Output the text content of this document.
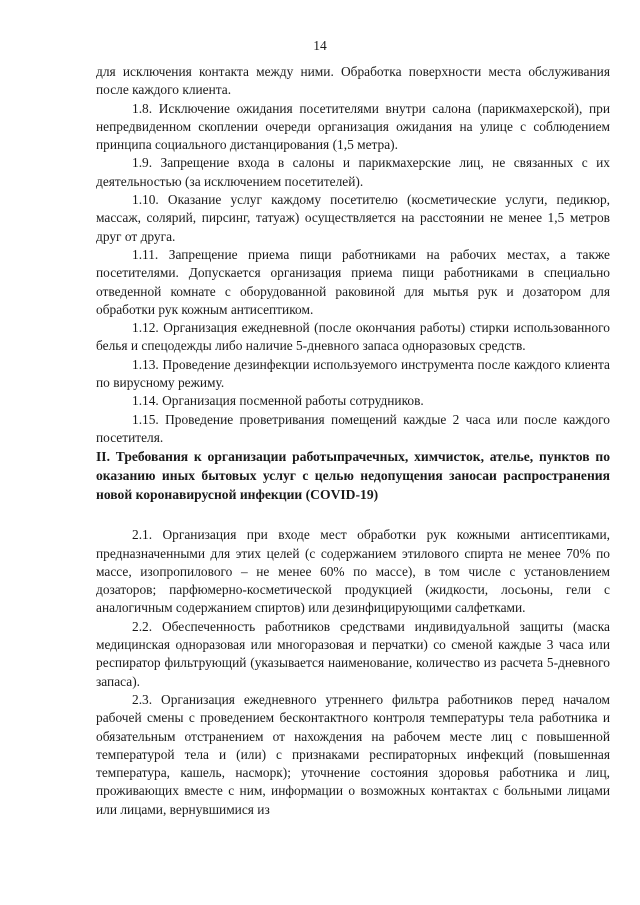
14

для исключения контакта между ними. Обработка поверхности места обслуживания после каждого клиента.

1.8. Исключение ожидания посетителями внутри салона (парикмахерской), при непредвиденном скоплении очереди организация ожидания на улице с соблюдением принципа социального дистанцирования (1,5 метра).

1.9. Запрещение входа в салоны и парикмахерские лиц, не связанных с их деятельностью (за исключением посетителей).

1.10. Оказание услуг каждому посетителю (косметические услуги, педикюр, массаж, солярий, пирсинг, татуаж) осуществляется на расстоянии не менее 1,5 метров друг от друга.

1.11. Запрещение приема пищи работниками на рабочих местах, а также посетителями. Допускается организация приема пищи работниками в специально отведенной комнате с оборудованной раковиной для мытья рук и дозатором для обработки рук кожным антисептиком.

1.12. Организация ежедневной (после окончания работы) стирки использованного белья и спецодежды либо наличие 5-дневного запаса одноразовых средств.

1.13. Проведение дезинфекции используемого инструмента после каждого клиента по вирусному режиму.

1.14. Организация посменной работы сотрудников.

1.15. Проведение проветривания помещений каждые 2 часа или после каждого посетителя.

II. Требования к организации работыпрачечных, химчисток, ателье, пунктов по оказанию иных бытовых услуг с целью недопущения заносаи распространения новой коронавирусной инфекции (COVID-19)

2.1. Организация при входе мест обработки рук кожными антисептиками, предназначенными для этих целей (с содержанием этилового спирта не менее 70% по массе, изопропилового – не менее 60% по массе), в том числе с установлением дозаторов; парфюмерно-косметической продукцией (жидкости, лосьоны, гели с аналогичным содержанием спиртов) или дезинфицирующими салфетками.

2.2. Обеспеченность работников средствами индивидуальной защиты (маска медицинская одноразовая или многоразовая и перчатки) со сменой каждые 3 часа или респиратор фильтрующий (указывается наименование, количество из расчета 5-дневного запаса).

2.3. Организация ежедневного утреннего фильтра работников перед началом рабочей смены с проведением бесконтактного контроля температуры тела работника и обязательным отстранением от нахождения на рабочем месте лиц с повышенной температурой тела и (или) с признаками респираторных инфекций (повышенная температура, кашель, насморк); уточнение состояния здоровья работника и лиц, проживающих вместе с ним, информации о возможных контактах с больными лицами или лицами, вернувшимися из
